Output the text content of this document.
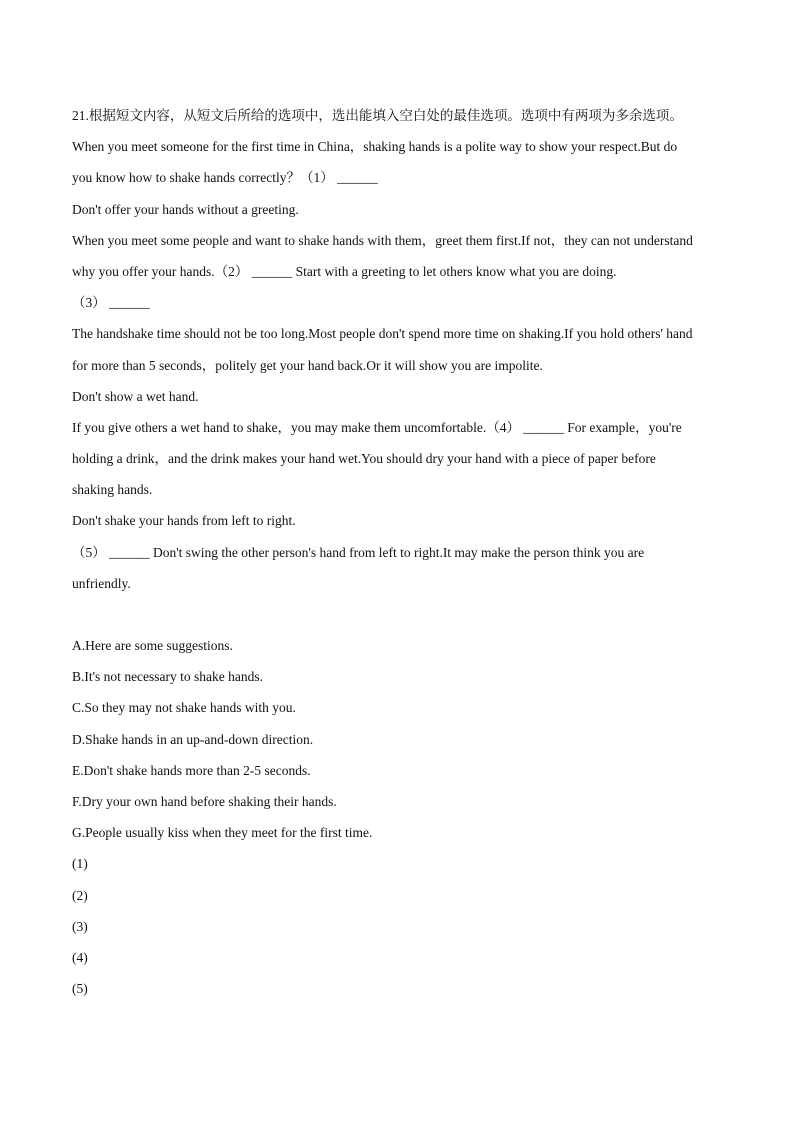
21.根据短文内容，从短文后所给的选项中，选出能填入空白处的最佳选项。选项中有两项为多余选项。
When you meet someone for the first time in China，shaking hands is a polite way to show your respect.But do
you know how to shake hands correctly？（1） ______
Don't offer your hands without a greeting.
When you meet some people and want to shake hands with them，greet them first.If not，they can not understand
why you offer your hands.（2） ______ Start with a greeting to let others know what you are doing.
（3） ______
The handshake time should not be too long.Most people don't spend more time on shaking.If you hold others' hand
for more than 5 seconds，politely get your hand back.Or it will show you are impolite.
Don't show a wet hand.
If you give others a wet hand to shake，you may make them uncomfortable.（4） ______ For example，you're
holding a drink，and the drink makes your hand wet.You should dry your hand with a piece of paper before
shaking hands.
Don't shake your hands from left to right.
（5） ______ Don't swing the other person's hand from left to right.It may make the person think you are
unfriendly.
A.Here are some suggestions.
B.It's not necessary to shake hands.
C.So they may not shake hands with you.
D.Shake hands in an up-and-down direction.
E.Don't shake hands more than 2-5 seconds.
F.Dry your own hand before shaking their hands.
G.People usually kiss when they meet for the first time.
(1)
(2)
(3)
(4)
(5)
